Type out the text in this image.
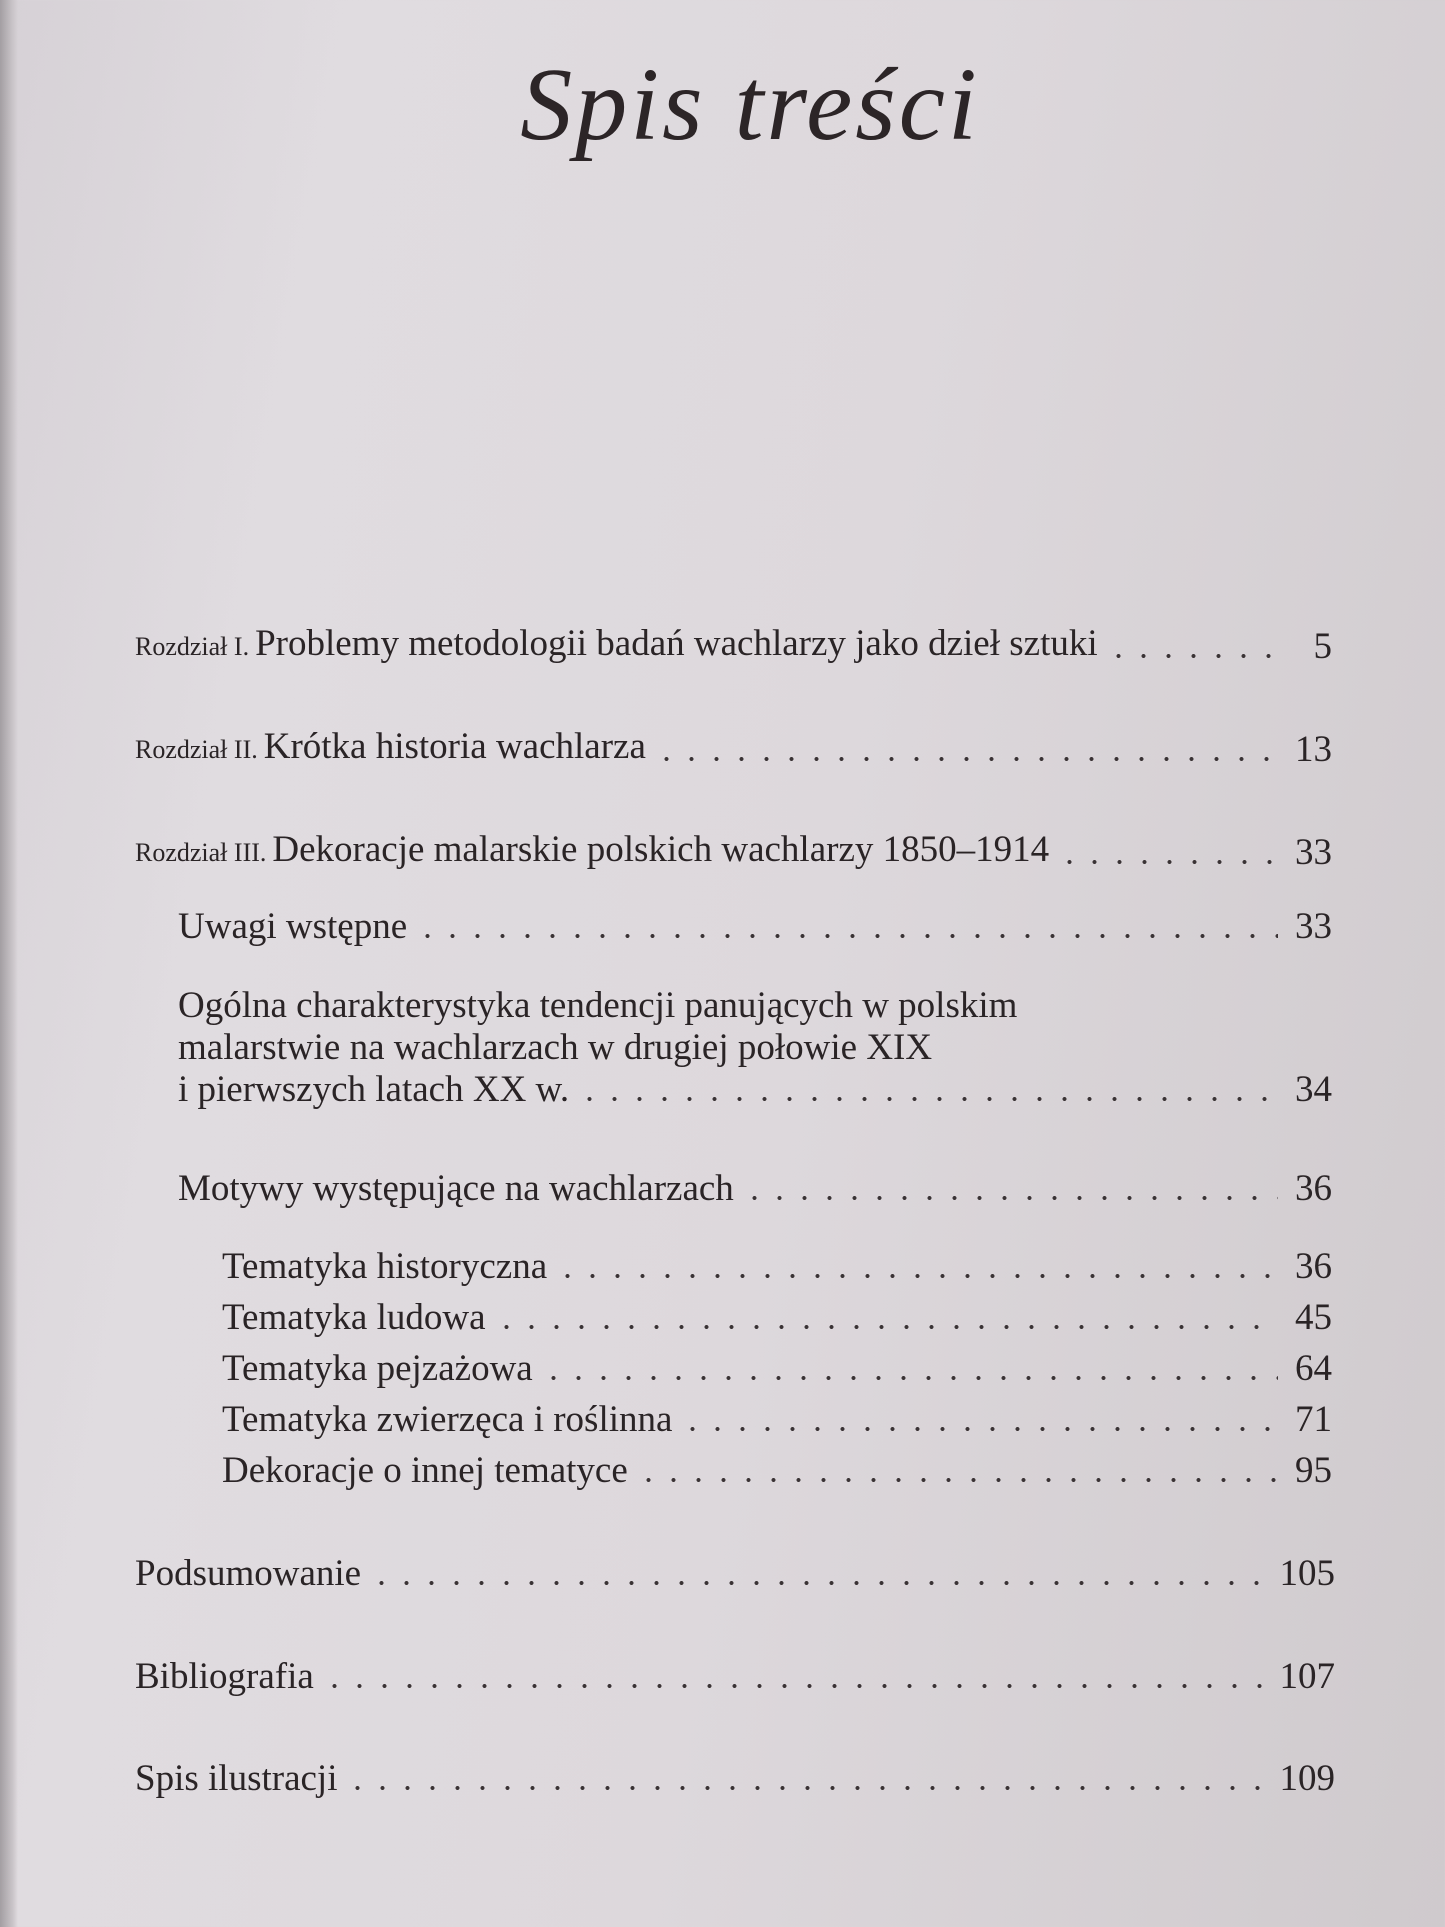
Spis treści
Rozdział I. Problemy metodologii badań wachlarzy jako dzieł sztuki	5
Rozdział II. Krótka historia wachlarza	13
Rozdział III. Dekoracje malarskie polskich wachlarzy 1850–1914	33
Uwagi wstępne	33
Ogólna charakterystyka tendencji panujących w polskim
malarstwie na wachlarzach w drugiej połowie XIX
i pierwszych latach XX w.	34
Motywy występujące na wachlarzach	36
Tematyka historyczna	36
Tematyka ludowa	45
Tematyka pejzażowa	64
Tematyka zwierzęca i roślinna	71
Dekoracje o innej tematyce	95
Podsumowanie	105
Bibliografia	107
Spis ilustracji	109
